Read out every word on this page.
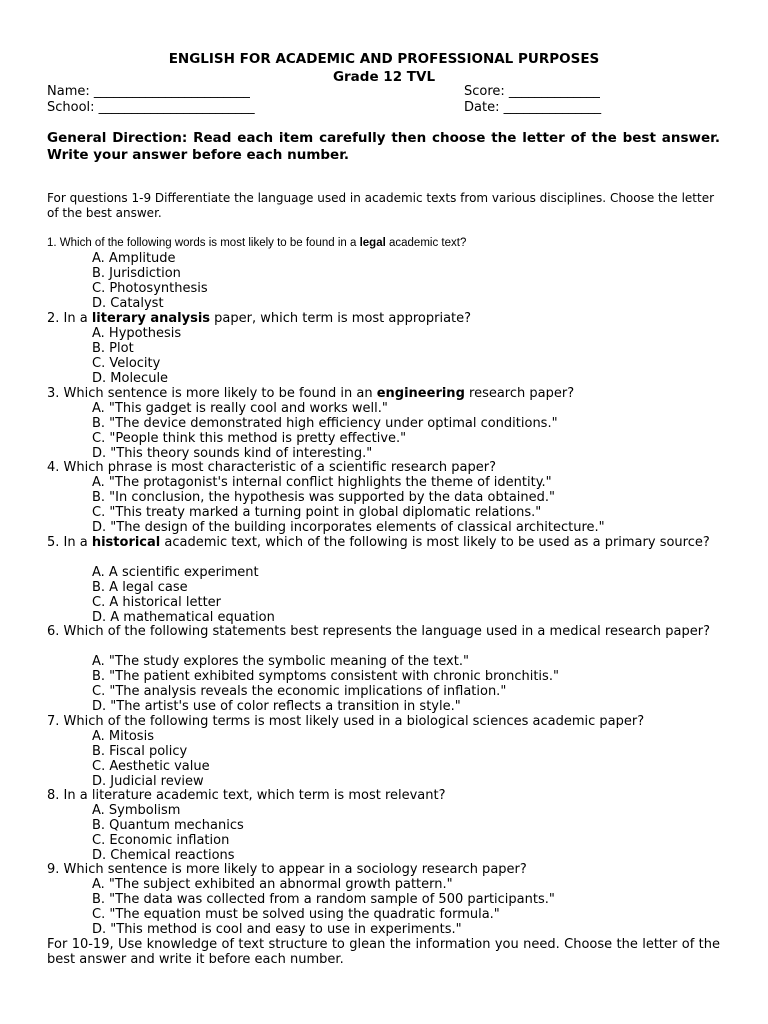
ENGLISH FOR ACADEMIC AND PROFESSIONAL PURPOSES
Grade 12 TVL
Name: ________________________	Score: ______________
School: ________________________	Date: _______________
General Direction: Read each item carefully then choose the letter of the best answer. Write your answer before each number.
For questions 1-9 Differentiate the language used in academic texts from various disciplines. Choose the letter of the best answer.
1. Which of the following words is most likely to be found in a legal academic text?
A. Amplitude
B. Jurisdiction
C. Photosynthesis
D. Catalyst
2. In a literary analysis paper, which term is most appropriate?
A. Hypothesis
B. Plot
C. Velocity
D. Molecule
3. Which sentence is more likely to be found in an engineering research paper?
A. "This gadget is really cool and works well."
B. "The device demonstrated high efficiency under optimal conditions."
C. "People think this method is pretty effective."
D. "This theory sounds kind of interesting."
4. Which phrase is most characteristic of a scientific research paper?
A. "The protagonist's internal conflict highlights the theme of identity."
B. "In conclusion, the hypothesis was supported by the data obtained."
C. "This treaty marked a turning point in global diplomatic relations."
D. "The design of the building incorporates elements of classical architecture."
5. In a historical academic text, which of the following is most likely to be used as a primary source?
A. A scientific experiment
B. A legal case
C. A historical letter
D. A mathematical equation
6. Which of the following statements best represents the language used in a medical research paper?
A. "The study explores the symbolic meaning of the text."
B. "The patient exhibited symptoms consistent with chronic bronchitis."
C. "The analysis reveals the economic implications of inflation."
D. "The artist's use of color reflects a transition in style."
7. Which of the following terms is most likely used in a biological sciences academic paper?
A. Mitosis
B. Fiscal policy
C. Aesthetic value
D. Judicial review
8. In a literature academic text, which term is most relevant?
A. Symbolism
B. Quantum mechanics
C. Economic inflation
D. Chemical reactions
9. Which sentence is more likely to appear in a sociology research paper?
A. "The subject exhibited an abnormal growth pattern."
B. "The data was collected from a random sample of 500 participants."
C. "The equation must be solved using the quadratic formula."
D. "This method is cool and easy to use in experiments."
For 10-19, Use knowledge of text structure to glean the information you need. Choose the letter of the best answer and write it before each number.
